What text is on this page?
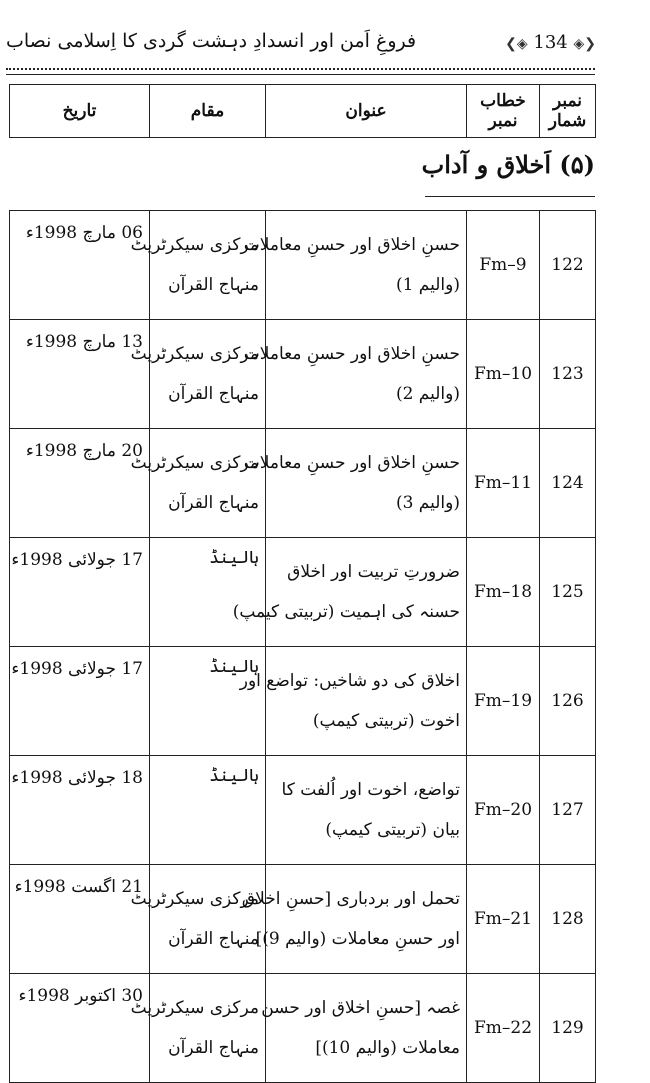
فروغِ اَمن اور انسدادِ دہشت گردی کا اِسلامی نصاب	❮◈ 134 ◈❯
نمبر شمار	خطاب نمبر	عنوان	مقام	تاریخ
(۵) اَخلاق و آداب
122	Fm–9	حسنِ اخلاق اور حسنِ معاملات
(والیم 1)	مرکزی سیکرٹریٹ
منہاج القرآن	06 مارچ 1998ء
123	Fm–10	حسنِ اخلاق اور حسنِ معاملات
(والیم 2)	مرکزی سیکرٹریٹ
منہاج القرآن	13 مارچ 1998ء
124	Fm–11	حسنِ اخلاق اور حسنِ معاملات
(والیم 3)	مرکزی سیکرٹریٹ
منہاج القرآن	20 مارچ 1998ء
125	Fm–18	ضرورتِ تربیت اور اخلاق
حسنہ کی اہمیت (تربیتی کیمپ)	ہالینڈ	17 جولائی 1998ء
126	Fm–19	اخلاق کی دو شاخیں: تواضع اور
اخوت (تربیتی کیمپ)	ہالینڈ	17 جولائی 1998ء
127	Fm–20	تواضع، اخوت اور اُلفت کا
بیان (تربیتی کیمپ)	ہالینڈ	18 جولائی 1998ء
128	Fm–21	تحمل اور بردباری [حسنِ اخلاق
اور حسنِ معاملات (والیم 9)]	مرکزی سیکرٹریٹ
منہاج القرآن	21 اگست 1998ء
129	Fm–22	غصہ [حسنِ اخلاق اور حسن
معاملات (والیم 10)]	مرکزی سیکرٹریٹ
منہاج القرآن	30 اکتوبر 1998ء
